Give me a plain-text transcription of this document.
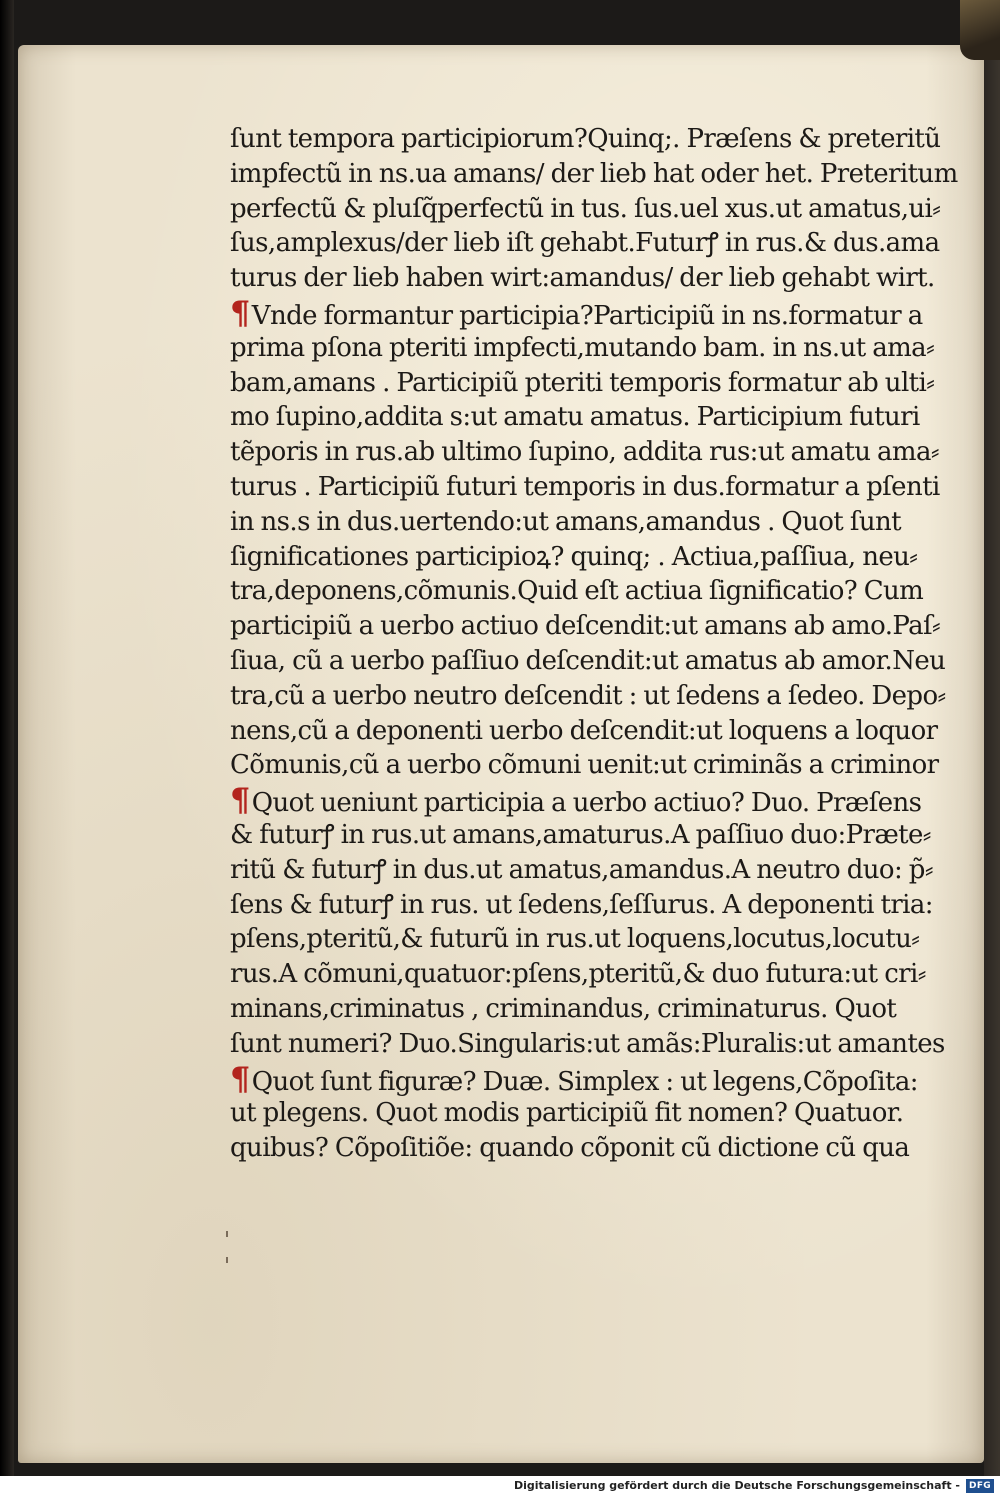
ſunt tempora participiorum?Quinq;. Præſens & preteritũ
impfectũ in ns.ua amans/ der lieb hat oder het. Preteritum
perfectũ & pluſq̃perfectũ in tus. ſus.uel xus.ut amatus,ui⸗
ſus,amplexus/der lieb iſt gehabt.Futurꝭ in rus.& dus.ama
turus der lieb haben wirt:amandus/ der lieb gehabt wirt.
¶Vnde formantur participia?Participiũ in ns.formatur a
prima pſona pteriti impfecti,mutando bam. in ns.ut ama⸗
bam,amans . Participiũ pteriti temporis formatur ab ulti⸗
mo ſupino,addita s:ut amatu amatus. Participium futuri
tẽporis in rus.ab ultimo ſupino, addita rus:ut amatu ama⸗
turus . Participiũ futuri temporis in dus.formatur a pſenti
in ns.s in dus.uertendo:ut amans,amandus . Quot ſunt
ſignificationes participioꝝ? quinq; . Actiua,paſſiua, neu⸗
tra,deponens,cõmunis.Quid eſt actiua ſignificatio? Cum
participiũ a uerbo actiuo deſcendit:ut amans ab amo.Paſ⸗
ſiua, cũ a uerbo paſſiuo deſcendit:ut amatus ab amor.Neu
tra,cũ a uerbo neutro deſcendit : ut ſedens a ſedeo. Depo⸗
nens,cũ a deponenti uerbo deſcendit:ut loquens a loquor
Cõmunis,cũ a uerbo cõmuni uenit:ut criminãs a criminor
¶Quot ueniunt participia a uerbo actiuo? Duo. Præſens
& futurꝭ in rus.ut amans,amaturus.A paſſiuo duo:Præte⸗
ritũ & futurꝭ in dus.ut amatus,amandus.A neutro duo: p̃⸗
ſens & futurꝭ in rus. ut ſedens,ſeſſurus. A deponenti tria:
pſens,pteritũ,& futurũ in rus.ut loquens,locutus,locutu⸗
rus.A cõmuni,quatuor:pſens,pteritũ,& duo futura:ut cri⸗
minans,criminatus , criminandus, criminaturus. Quot
ſunt numeri? Duo.Singularis:ut amãs:Pluralis:ut amantes
¶Quot ſunt figuræ? Duæ. Simplex : ut legens,Cõpoſita:
ut plegens. Quot modis participiũ fit nomen? Quatuor.
quibus? Cõpoſitiõe: quando cõponit cũ dictione cũ qua
Digitalisierung gefördert durch die Deutsche Forschungsgemeinschaft -	DFG
